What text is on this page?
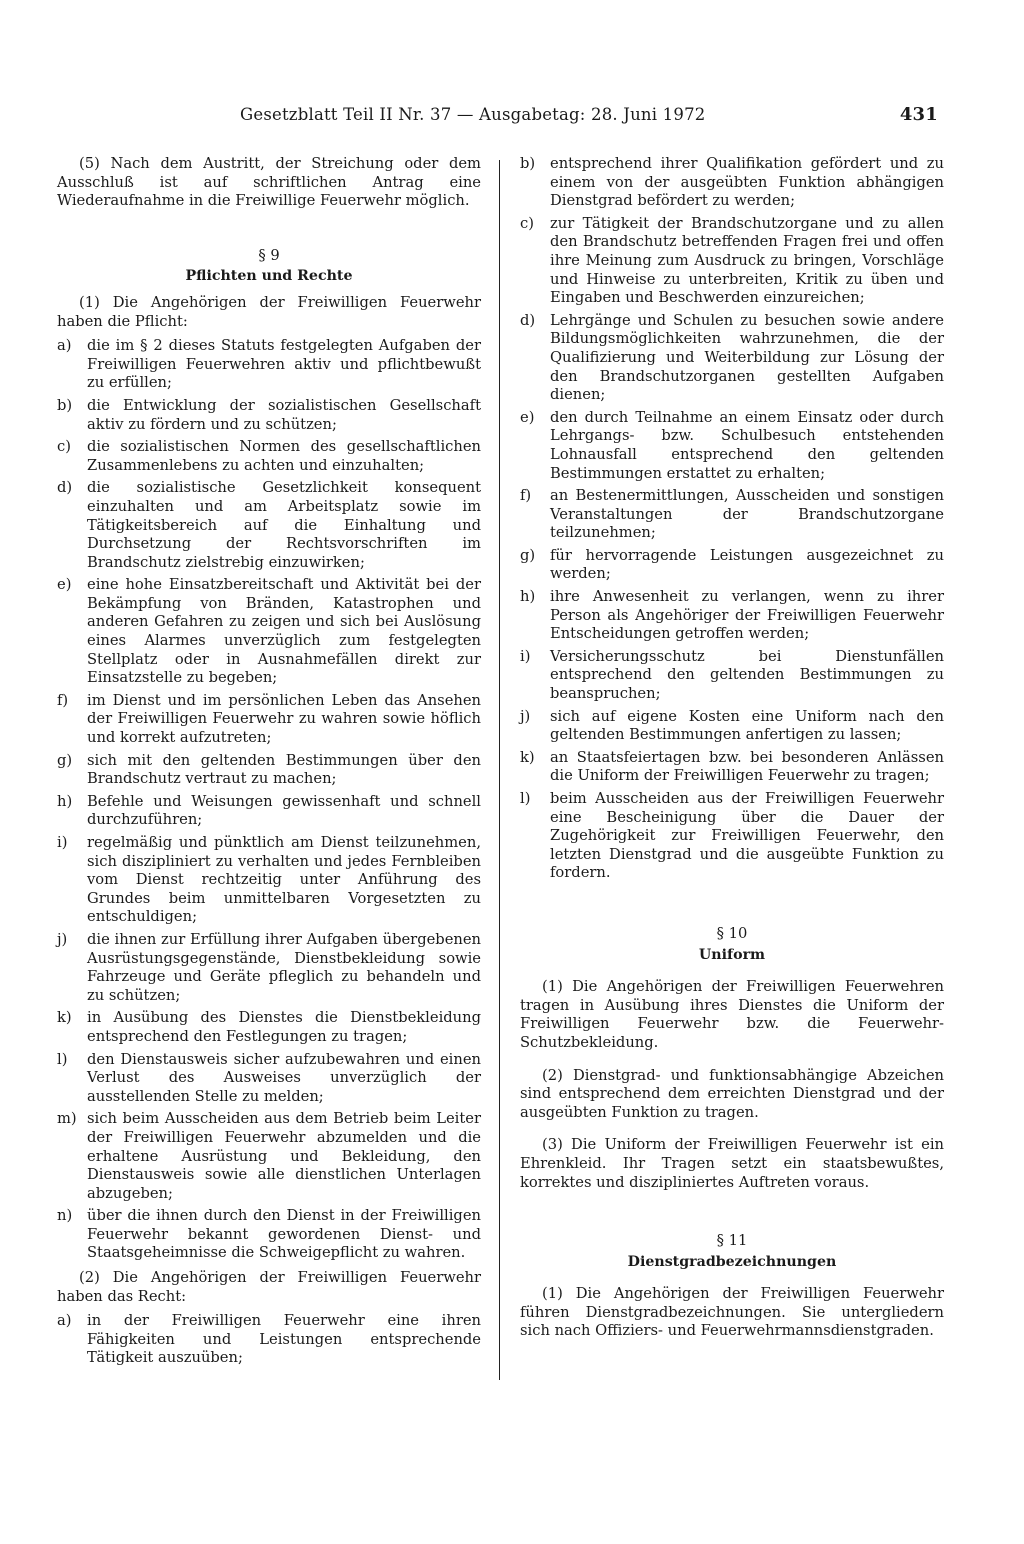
Gesetzblatt Teil II Nr. 37 — Ausgabetag: 28. Juni 1972	431

(5) Nach dem Austritt, der Streichung oder dem Ausschluß ist auf schriftlichen Antrag eine Wiederaufnahme in die Freiwillige Feuerwehr möglich.

§ 9

Pflichten und Rechte

(1) Die Angehörigen der Freiwilligen Feuerwehr haben die Pflicht:

a) die im § 2 dieses Statuts festgelegten Aufgaben der Freiwilligen Feuerwehren aktiv und pflichtbewußt zu erfüllen;
b) die Entwicklung der sozialistischen Gesellschaft aktiv zu fördern und zu schützen;
c) die sozialistischen Normen des gesellschaftlichen Zusammenlebens zu achten und einzuhalten;
d) die sozialistische Gesetzlichkeit konsequent einzuhalten und am Arbeitsplatz sowie im Tätigkeitsbereich auf die Einhaltung und Durchsetzung der Rechtsvorschriften im Brandschutz zielstrebig einzuwirken;
e) eine hohe Einsatzbereitschaft und Aktivität bei der Bekämpfung von Bränden, Katastrophen und anderen Gefahren zu zeigen und sich bei Auslösung eines Alarmes unverzüglich zum festgelegten Stellplatz oder in Ausnahmefällen direkt zur Einsatzstelle zu begeben;
f) im Dienst und im persönlichen Leben das Ansehen der Freiwilligen Feuerwehr zu wahren sowie höflich und korrekt aufzutreten;
g) sich mit den geltenden Bestimmungen über den Brandschutz vertraut zu machen;
h) Befehle und Weisungen gewissenhaft und schnell durchzuführen;
i) regelmäßig und pünktlich am Dienst teilzunehmen, sich diszipliniert zu verhalten und jedes Fernbleiben vom Dienst rechtzeitig unter Anführung des Grundes beim unmittelbaren Vorgesetzten zu entschuldigen;
j) die ihnen zur Erfüllung ihrer Aufgaben übergebenen Ausrüstungsgegenstände, Dienstbekleidung sowie Fahrzeuge und Geräte pfleglich zu behandeln und zu schützen;
k) in Ausübung des Dienstes die Dienstbekleidung entsprechend den Festlegungen zu tragen;
l) den Dienstausweis sicher aufzubewahren und einen Verlust des Ausweises unverzüglich der ausstellenden Stelle zu melden;
m) sich beim Ausscheiden aus dem Betrieb beim Leiter der Freiwilligen Feuerwehr abzumelden und die erhaltene Ausrüstung und Bekleidung, den Dienstausweis sowie alle dienstlichen Unterlagen abzugeben;
n) über die ihnen durch den Dienst in der Freiwilligen Feuerwehr bekannt gewordenen Dienst- und Staatsgeheimnisse die Schweigepflicht zu wahren.

(2) Die Angehörigen der Freiwilligen Feuerwehr haben das Recht:

a) in der Freiwilligen Feuerwehr eine ihren Fähigkeiten und Leistungen entsprechende Tätigkeit auszuüben;
b) entsprechend ihrer Qualifikation gefördert und zu einem von der ausgeübten Funktion abhängigen Dienstgrad befördert zu werden;
c) zur Tätigkeit der Brandschutzorgane und zu allen den Brandschutz betreffenden Fragen frei und offen ihre Meinung zum Ausdruck zu bringen, Vorschläge und Hinweise zu unterbreiten, Kritik zu üben und Eingaben und Beschwerden einzureichen;
d) Lehrgänge und Schulen zu besuchen sowie andere Bildungsmöglichkeiten wahrzunehmen, die der Qualifizierung und Weiterbildung zur Lösung der den Brandschutzorganen gestellten Aufgaben dienen;
e) den durch Teilnahme an einem Einsatz oder durch Lehrgangs- bzw. Schulbesuch entstehenden Lohnausfall entsprechend den geltenden Bestimmungen erstattet zu erhalten;
f) an Bestenermittlungen, Ausscheiden und sonstigen Veranstaltungen der Brandschutzorgane teilzunehmen;
g) für hervorragende Leistungen ausgezeichnet zu werden;
h) ihre Anwesenheit zu verlangen, wenn zu ihrer Person als Angehöriger der Freiwilligen Feuerwehr Entscheidungen getroffen werden;
i) Versicherungsschutz bei Dienstunfällen entsprechend den geltenden Bestimmungen zu beanspruchen;
j) sich auf eigene Kosten eine Uniform nach den geltenden Bestimmungen anfertigen zu lassen;
k) an Staatsfeiertagen bzw. bei besonderen Anlässen die Uniform der Freiwilligen Feuerwehr zu tragen;
l) beim Ausscheiden aus der Freiwilligen Feuerwehr eine Bescheinigung über die Dauer der Zugehörigkeit zur Freiwilligen Feuerwehr, den letzten Dienstgrad und die ausgeübte Funktion zu fordern.

§ 10

Uniform

(1) Die Angehörigen der Freiwilligen Feuerwehren tragen in Ausübung ihres Dienstes die Uniform der Freiwilligen Feuerwehr bzw. die Feuerwehr-Schutzbekleidung.

(2) Dienstgrad- und funktionsabhängige Abzeichen sind entsprechend dem erreichten Dienstgrad und der ausgeübten Funktion zu tragen.

(3) Die Uniform der Freiwilligen Feuerwehr ist ein Ehrenkleid. Ihr Tragen setzt ein staatsbewußtes, korrektes und diszipliniertes Auftreten voraus.

§ 11

Dienstgradbezeichnungen

(1) Die Angehörigen der Freiwilligen Feuerwehr führen Dienstgradbezeichnungen. Sie untergliedern sich nach Offiziers- und Feuerwehrmannsdienstgraden.
